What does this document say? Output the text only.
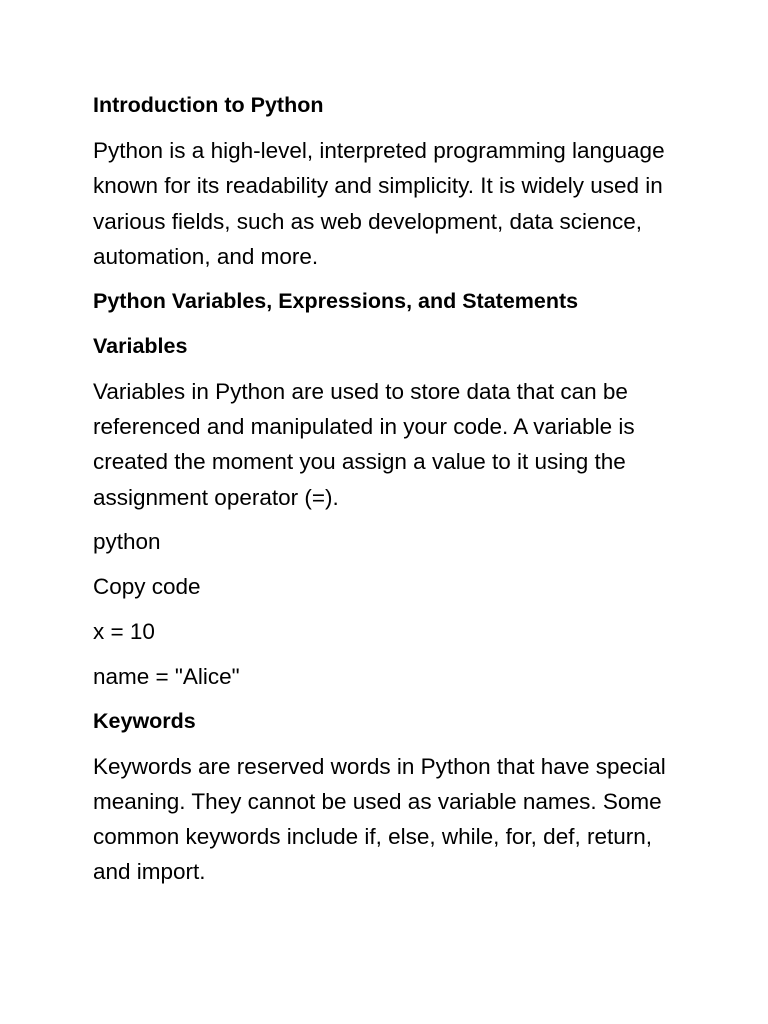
Introduction to Python
Python is a high-level, interpreted programming language known for its readability and simplicity. It is widely used in various fields, such as web development, data science, automation, and more.
Python Variables, Expressions, and Statements
Variables
Variables in Python are used to store data that can be referenced and manipulated in your code. A variable is created the moment you assign a value to it using the assignment operator (=).
python
Copy code
x = 10
name = "Alice"
Keywords
Keywords are reserved words in Python that have special meaning. They cannot be used as variable names. Some common keywords include if, else, while, for, def, return, and import.
